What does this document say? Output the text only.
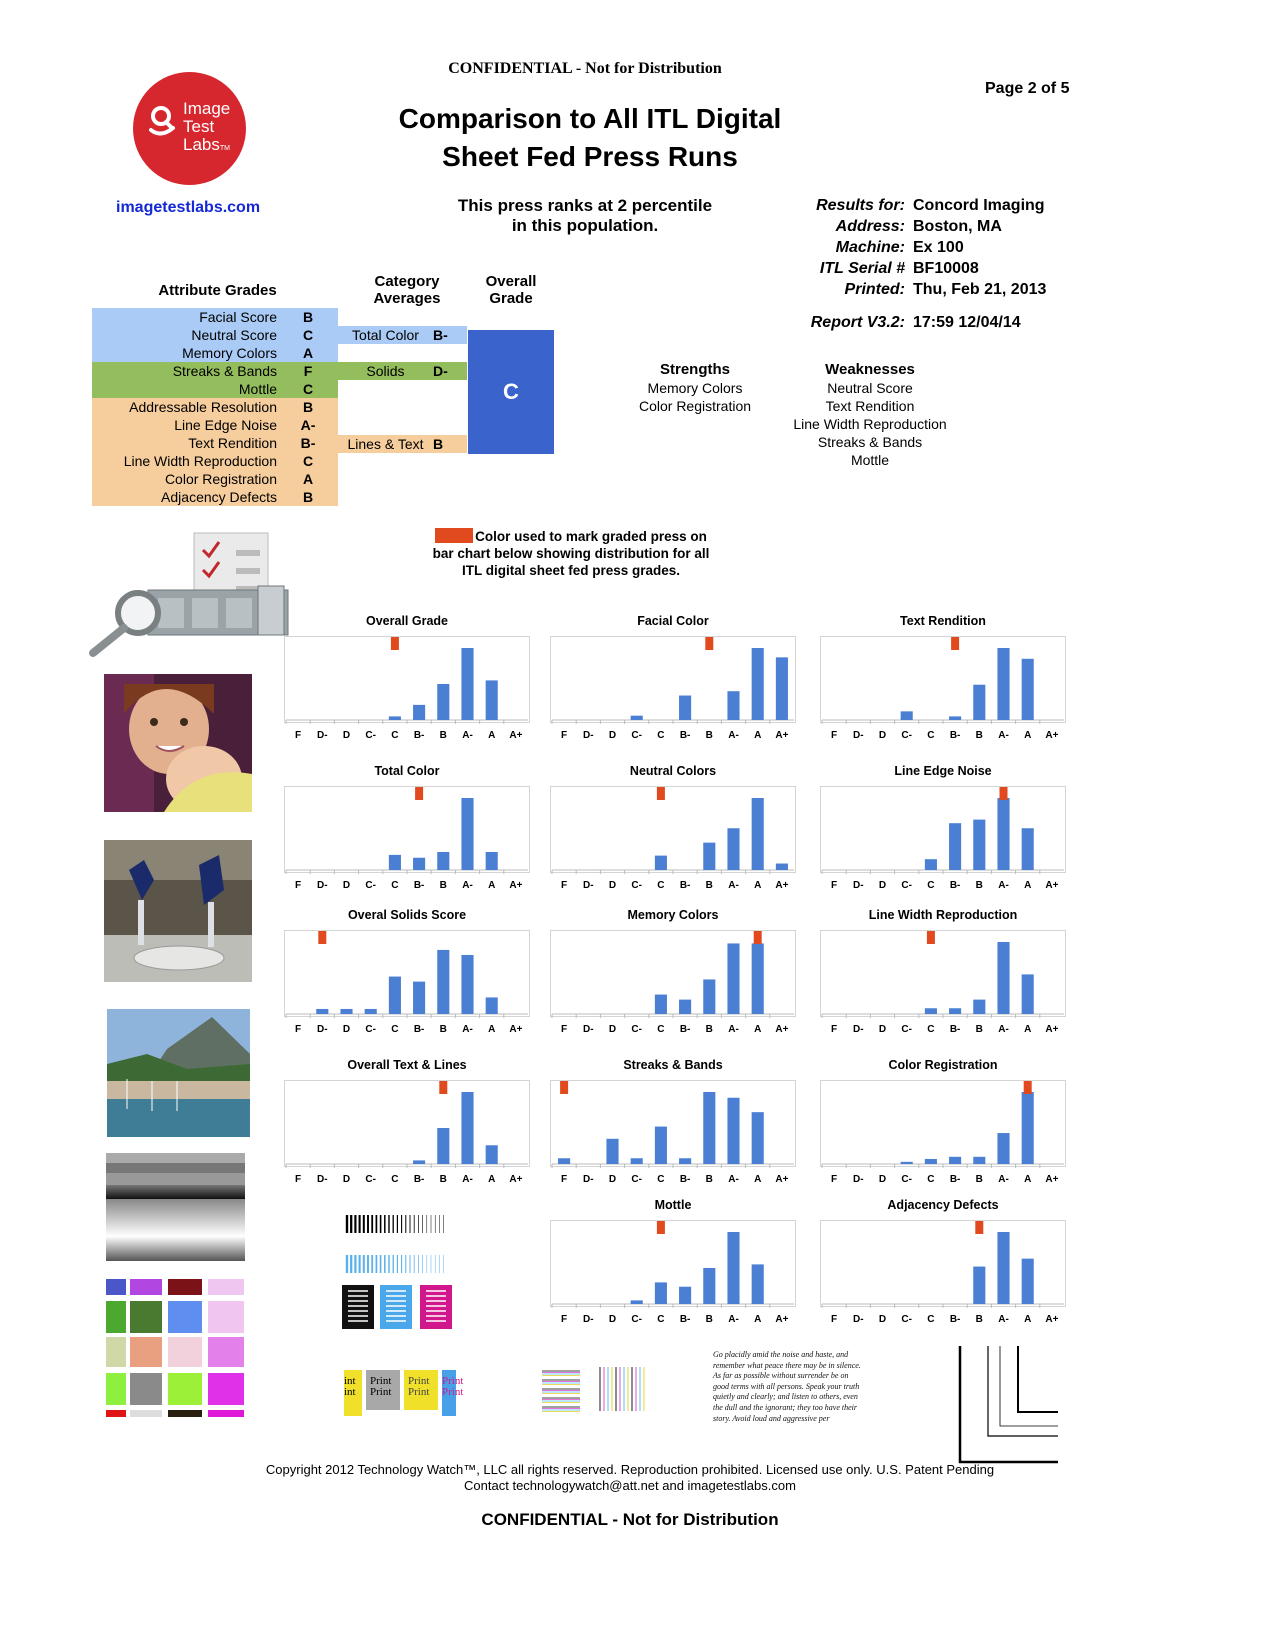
CONFIDENTIAL - Not for Distribution
Page 2 of 5
Image
Test
LabsTM
imagetestlabs.com
Comparison to All ITL Digital
Sheet Fed Press Runs
This press ranks at 2 percentile
in this population.
Results for: Concord Imaging
Address: Boston, MA
Machine: Ex 100
ITL Serial # BF10008
Printed: Thu, Feb 21, 2013
Report V3.2: 17:59 12/04/14
Attribute Grades
Category
Averages
Overall
Grade
Facial Score	B
Neutral Score	C
Memory Colors	A
Streaks & Bands	F
Mottle	C
Addressable Resolution	B
Line Edge Noise	A-
Text Rendition	B-
Line Width Reproduction	C
Color Registration	A
Adjacency Defects	B
Total Color	B-
Solids	D-
Lines & Text B
C
Strengths
Memory Colors
Color Registration
Weaknesses
Neutral Score
Text Rendition
Line Width Reproduction
Streaks & Bands
Mottle
Color used to mark graded press on
bar chart below showing distribution for all
ITL digital sheet fed press grades.
int
int
Print
Print
Print
Print
Print
Print
Go placidly amid the noise and haste, and remember what peace there may be in silence. As far as possible without surrender be on good terms with all persons. Speak your truth quietly and clearly; and listen to others, even the dull and the ignorant; they too have their story. Avoid loud and aggressive per
Overall Grade
F D- D C- C B- B A- A A+
Facial Color
F D- D C- C B- B A- A A+
Text Rendition
F D- D C- C B- B A- A A+
Total Color
F D- D C- C B- B A- A A+
Neutral Colors
F D- D C- C B- B A- A A+
Line Edge Noise
F D- D C- C B- B A- A A+
Overal Solids Score
F D- D C- C B- B A- A A+
Memory Colors
F D- D C- C B- B A- A A+
Line Width Reproduction
F D- D C- C B- B A- A A+
Overall Text & Lines
F D- D C- C B- B A- A A+
Streaks & Bands
F D- D C- C B- B A- A A+
Color Registration
F D- D C- C B- B A- A A+
Mottle
F D- D C- C B- B A- A A+
Adjacency Defects
F D- D C- C B- B A- A A+
Copyright 2012 Technology Watch™, LLC all rights reserved. Reproduction prohibited. Licensed use only. U.S. Patent Pending
Contact technologywatch@att.net and imagetestlabs.com
CONFIDENTIAL - Not for Distribution
